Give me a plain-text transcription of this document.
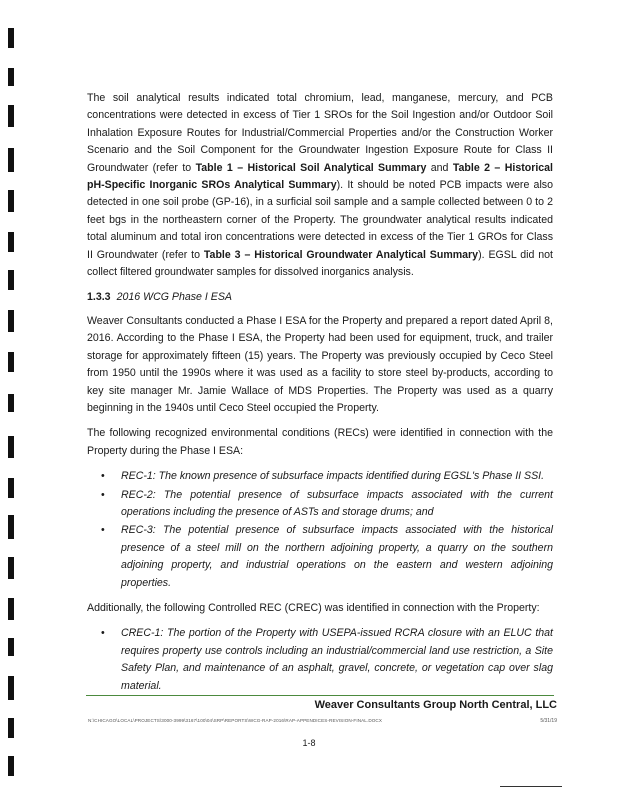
The soil analytical results indicated total chromium, lead, manganese, mercury, and PCB concentrations were detected in excess of Tier 1 SROs for the Soil Ingestion and/or Outdoor Soil Inhalation Exposure Routes for Industrial/Commercial Properties and/or the Construction Worker Scenario and the Soil Component for the Groundwater Ingestion Exposure Route for Class II Groundwater (refer to Table 1 – Historical Soil Analytical Summary and Table 2 – Historical pH-Specific Inorganic SROs Analytical Summary). It should be noted PCB impacts were also detected in one soil probe (GP-16), in a surficial soil sample and a sample collected between 0 to 2 feet bgs in the northeastern corner of the Property. The groundwater analytical results indicated total aluminum and total iron concentrations were detected in excess of the Tier 1 GROs for Class II Groundwater (refer to Table 3 – Historical Groundwater Analytical Summary). EGSL did not collect filtered groundwater samples for dissolved inorganics analysis.

1.3.3 2016 WCG Phase I ESA

Weaver Consultants conducted a Phase I ESA for the Property and prepared a report dated April 8, 2016. According to the Phase I ESA, the Property had been used for equipment, truck, and trailer storage for approximately fifteen (15) years. The Property was previously occupied by Ceco Steel from 1950 until the 1990s where it was used as a facility to store steel by-products, according to key site manager Mr. Jamie Wallace of MDS Properties. The Property was used as a quarry beginning in the 1940s until Ceco Steel occupied the Property.

The following recognized environmental conditions (RECs) were identified in connection with the Property during the Phase I ESA:

• REC-1: The known presence of subsurface impacts identified during EGSL's Phase II SSI.
• REC-2: The potential presence of subsurface impacts associated with the current operations including the presence of ASTs and storage drums; and
• REC-3: The potential presence of subsurface impacts associated with the historical presence of a steel mill on the northern adjoining property, a quarry on the southern adjoining property, and industrial operations on the eastern and western adjoining properties.

Additionally, the following Controlled REC (CREC) was identified in connection with the Property:

• CREC-1: The portion of the Property with USEPA-issued RCRA closure with an ELUC that requires property use controls including an industrial/commercial land use restriction, a Site Safety Plan, and maintenance of an asphalt, gravel, concrete, or vegetation cap over slag material.
Weaver Consultants Group North Central, LLC
N:\CHICAGO\LOCAL\PROJECTS\3000-3999\3167\100\04\SRP\REPORTS\WCG-RAP-2016\RAP-APPENDICES-REVISION-FINAL.DOCX	5/31/19
1-8
